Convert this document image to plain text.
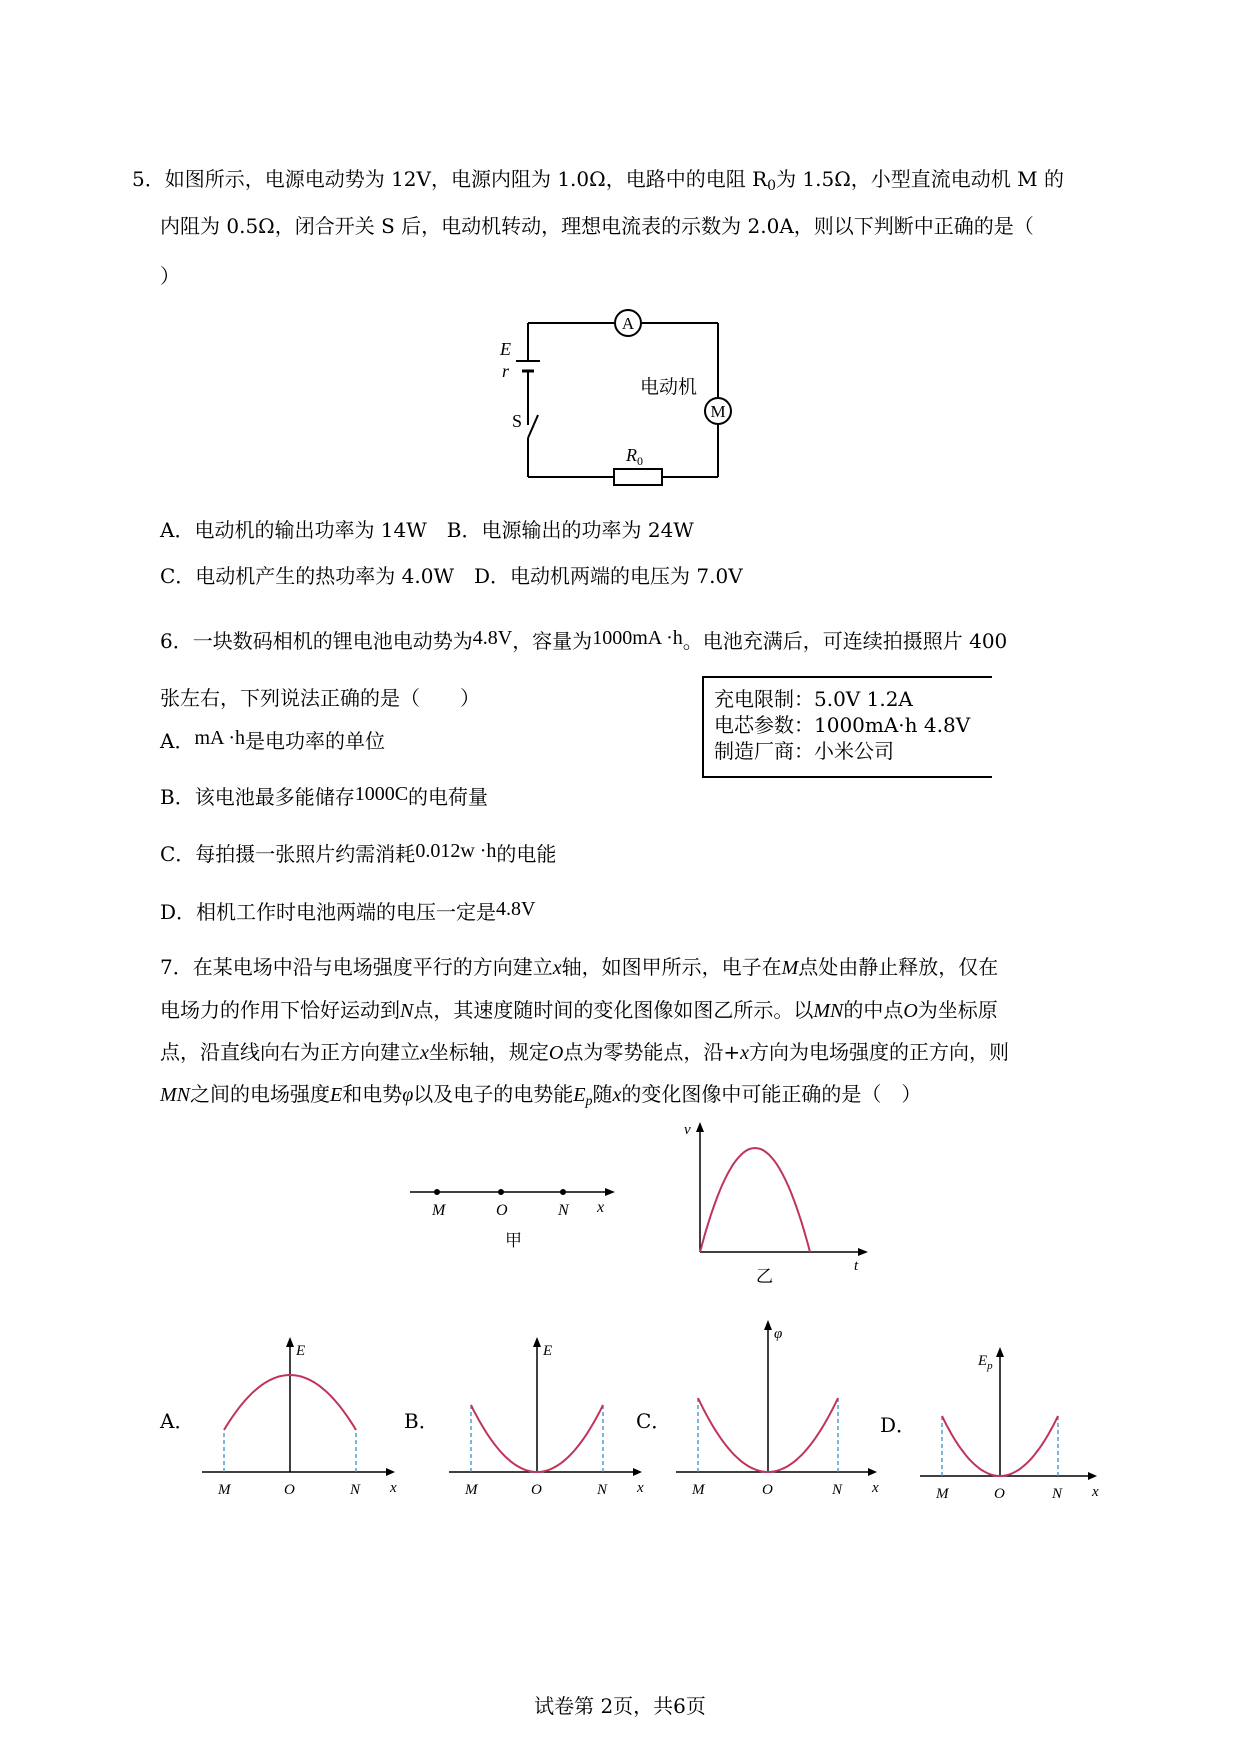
5．如图所示，电源电动势为 12V，电源内阻为 1.0Ω，电路中的电阻 $R_0$为 1.5Ω，小型直流电动机 M 的
内阻为 0.5Ω，闭合开关 S 后，电动机转动，理想电流表的示数为 2.0A，则以下判断中正确的是（
）
A
M
E
r
S
电动机
$R_0$
A．电动机的输出功率为 14W　B．电源输出的功率为 24W
C．电动机产生的热功率为 4.0W　D．电动机两端的电压为 7.0V
6．一块数码相机的锂电池电动势为4.8V，容量为1000mA ·h。电池充满后，可连续拍摄照片 400
张左右，下列说法正确的是（　　）	充电限制：5.0V 1.2A
电芯参数：1000mA·h 4.8V
制造厂商：小米公司
A．mA ·h是电功率的单位
B．该电池最多能储存1000C的电荷量
C．每拍摄一张照片约需消耗0.012w ·h的电能
D．相机工作时电池两端的电压一定是4.8V
7．在某电场中沿与电场强度平行的方向建立x轴，如图甲所示，电子在M点处由静止释放，仅在
电场力的作用下恰好运动到N点，其速度随时间的变化图像如图乙所示。以MN的中点O为坐标原
点，沿直线向右为正方向建立x坐标轴，规定O点为零势能点，沿+x方向为电场强度的正方向，则
MN之间的电场强度E和电势φ以及电子的电势能$E_p$随x的变化图像中可能正确的是（　）
M	O	N x
甲
v
t
乙
A．
M	O	N x
E
B．
M	O	N x
E
C．
M	O	N x
φ
D．
M	O	N x
$E_p$
试卷第 2页，共6页
